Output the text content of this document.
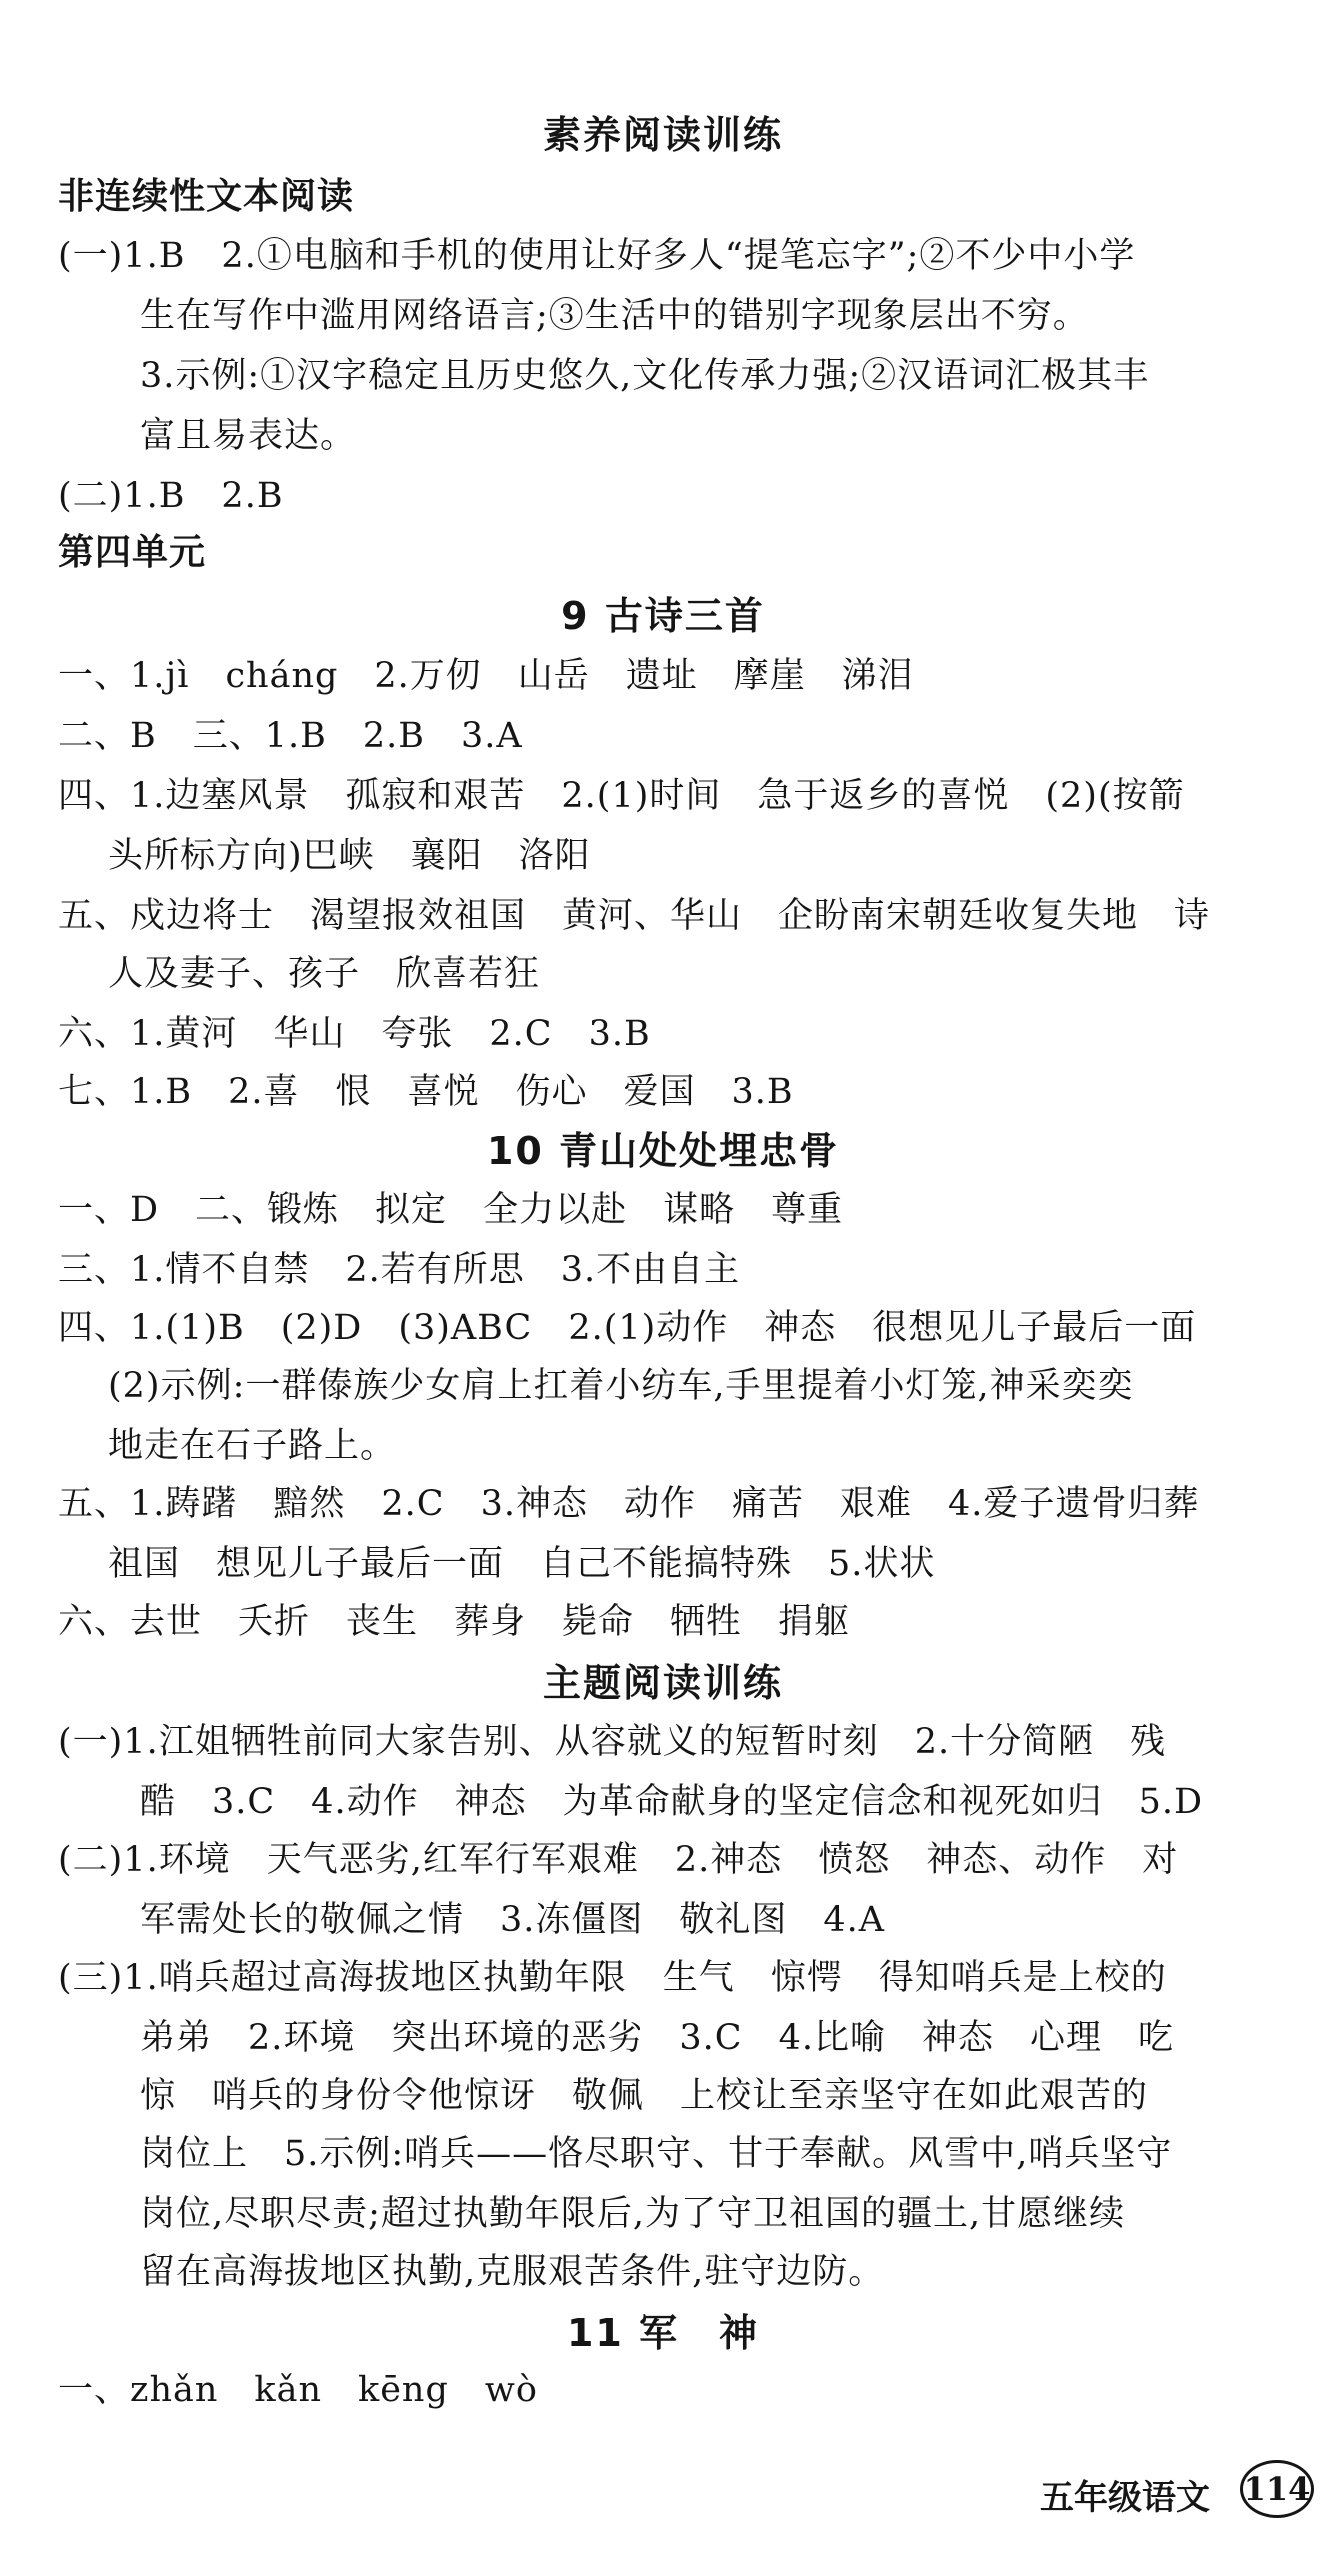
素养阅读训练
非连续性文本阅读
(一)1.B　2.①电脑和手机的使用让好多人“提笔忘字”;②不少中小学
生在写作中滥用网络语言;③生活中的错别字现象层出不穷。
3.示例:①汉字稳定且历史悠久,文化传承力强;②汉语词汇极其丰
富且易表达。
(二)1.B　2.B
第四单元
9 古诗三首
一、1.jì　cháng　2.万仞　山岳　遗址　摩崖　涕泪
二、B　三、1.B　2.B　3.A
四、1.边塞风景　孤寂和艰苦　2.(1)时间　急于返乡的喜悦　(2)(按箭
头所标方向)巴峡　襄阳　洛阳
五、戍边将士　渴望报效祖国　黄河、华山　企盼南宋朝廷收复失地　诗
人及妻子、孩子　欣喜若狂
六、1.黄河　华山　夸张　2.C　3.B
七、1.B　2.喜　恨　喜悦　伤心　爱国　3.B
10 青山处处埋忠骨
一、D　二、锻炼　拟定　全力以赴　谋略　尊重
三、1.情不自禁　2.若有所思　3.不由自主
四、1.(1)B　(2)D　(3)ABC　2.(1)动作　神态　很想见儿子最后一面
(2)示例:一群傣族少女肩上扛着小纺车,手里提着小灯笼,神采奕奕
地走在石子路上。
五、1.踌躇　黯然　2.C　3.神态　动作　痛苦　艰难　4.爱子遗骨归葬
祖国　想见儿子最后一面　自己不能搞特殊　5.状状
六、去世　夭折　丧生　葬身　毙命　牺牲　捐躯
主题阅读训练
(一)1.江姐牺牲前同大家告别、从容就义的短暂时刻　2.十分简陋　残
酷　3.C　4.动作　神态　为革命献身的坚定信念和视死如归　5.D
(二)1.环境　天气恶劣,红军行军艰难　2.神态　愤怒　神态、动作　对
军需处长的敬佩之情　3.冻僵图　敬礼图　4.A
(三)1.哨兵超过高海拔地区执勤年限　生气　惊愕　得知哨兵是上校的
弟弟　2.环境　突出环境的恶劣　3.C　4.比喻　神态　心理　吃
惊　哨兵的身份令他惊讶　敬佩　上校让至亲坚守在如此艰苦的
岗位上　5.示例:哨兵——恪尽职守、甘于奉献。风雪中,哨兵坚守
岗位,尽职尽责;超过执勤年限后,为了守卫祖国的疆土,甘愿继续
留在高海拔地区执勤,克服艰苦条件,驻守边防。
11 军　神
一、zhǎn　kǎn　kēng　wò
五年级语文 114
